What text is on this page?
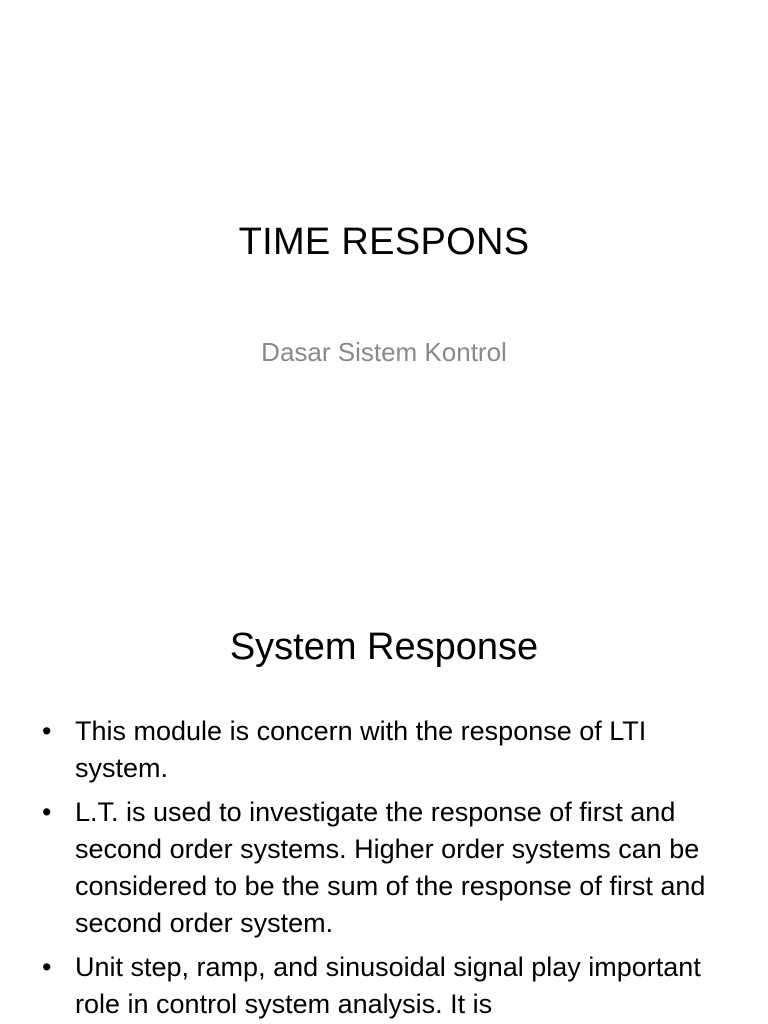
TIME RESPONS
Dasar Sistem Kontrol
System Response
• This module is concern with the response of LTI system.
• L.T. is used to investigate the response of first and second order systems. Higher order systems can be considered to be the sum of the response of first and second order system.
• Unit step, ramp, and sinusoidal signal play important role in control system analysis. It is
